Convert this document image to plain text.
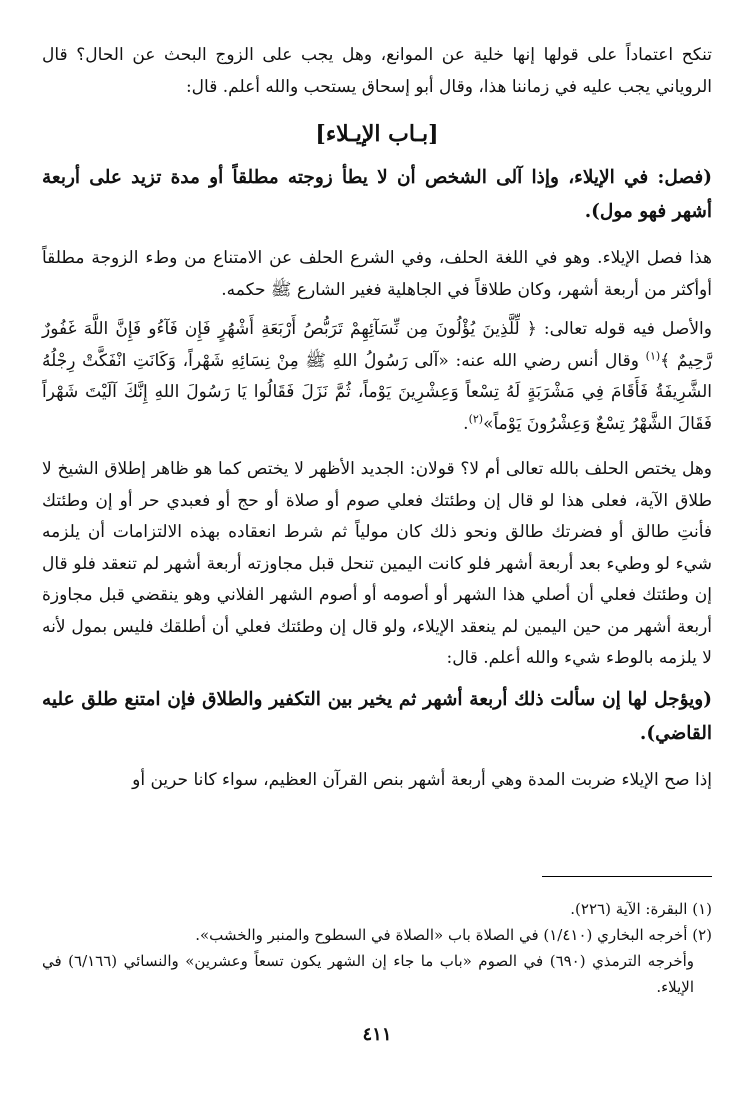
تنكح اعتماداً على قولها إنها خلية عن الموانع، وهل يجب على الزوج البحث عن الحال؟ قال الروياني يجب عليه في زماننا هذا، وقال أبو إسحاق يستحب والله أعلم. قال:

[بـاب الإيـلاء]

(فصل: في الإيلاء، وإذا آلى الشخص أن لا يطأ زوجته مطلقاً أو مدة تزيد على أربعة أشهر فهو مول).

هذا فصل الإيلاء. وهو في اللغة الحلف، وفي الشرع الحلف عن الامتناع من وطء الزوجة مطلقاً أوأكثر من أربعة أشهر، وكان طلاقاً في الجاهلية فغير الشارع ﷺ حكمه.

والأصل فيه قوله تعالى: ﴿ لِّلَّذِينَ يُؤْلُونَ مِن نِّسَآئِهِمْ تَرَبُّصُ أَرْبَعَةِ أَشْهُرٍ فَإِن فَآءُو فَإِنَّ اللَّهَ غَفُورٌ رَّحِيمٌ ﴾$^{(١)}$ وقال أنس رضي الله عنه: «آلى رَسُولُ اللهِ ﷺ مِنْ نِسَائِهِ شَهْراً، وَكَانَتِ انْفَكَّتْ رِجْلُهُ الشَّرِيفَةُ فَأَقَامَ فِي مَشْرَبَةٍ لَهُ تِسْعاً وَعِشْرِينَ يَوْماً، ثُمَّ نَزَلَ فَقَالُوا يَا رَسُولَ اللهِ إِنَّكَ آلَيْتَ شَهْراً فَقَالَ الشَّهْرُ تِسْعٌ وَعِشْرُونَ يَوْماً»$^{(٢)}$.

وهل يختص الحلف بالله تعالى أم لا؟ قولان: الجديد الأظهر لا يختص كما هو ظاهر إطلاق الشيخ لا طلاق الآية، فعلى هذا لو قال إن وطئتك فعلي صوم أو صلاة أو حج أو فعبدي حر أو إن وطئتك فأنتِ طالق أو فضرتك طالق ونحو ذلك كان مولياً ثم شرط انعقاده بهذه الالتزامات أن يلزمه شيء لو وطيء بعد أربعة أشهر فلو كانت اليمين تنحل قبل مجاوزته أربعة أشهر لم تنعقد فلو قال إن وطئتك فعلي أن أصلي هذا الشهر أو أصومه أو أصوم الشهر الفلاني وهو ينقضي قبل مجاوزة أربعة أشهر من حين اليمين لم ينعقد الإيلاء، ولو قال إن وطئتك فعلي أن أطلقك فليس بمول لأنه لا يلزمه بالوطء شيء والله أعلم. قال:

(ويؤجل لها إن سألت ذلك أربعة أشهر ثم يخير بين التكفير والطلاق فإن امتنع طلق عليه القاضي).

إذا صح الإيلاء ضربت المدة وهي أربعة أشهر بنص القرآن العظيم، سواء كانا حرين أو

(١) البقرة: الآية (٢٢٦).

(٢) أخرجه البخاري (١/٤١٠) في الصلاة باب «الصلاة في السطوح والمنبر والخشب».

وأخرجه الترمذي (٦٩٠) في الصوم «باب ما جاء إن الشهر يكون تسعاً وعشرين» والنسائي (٦/١٦٦) في الإيلاء.

٤١١
